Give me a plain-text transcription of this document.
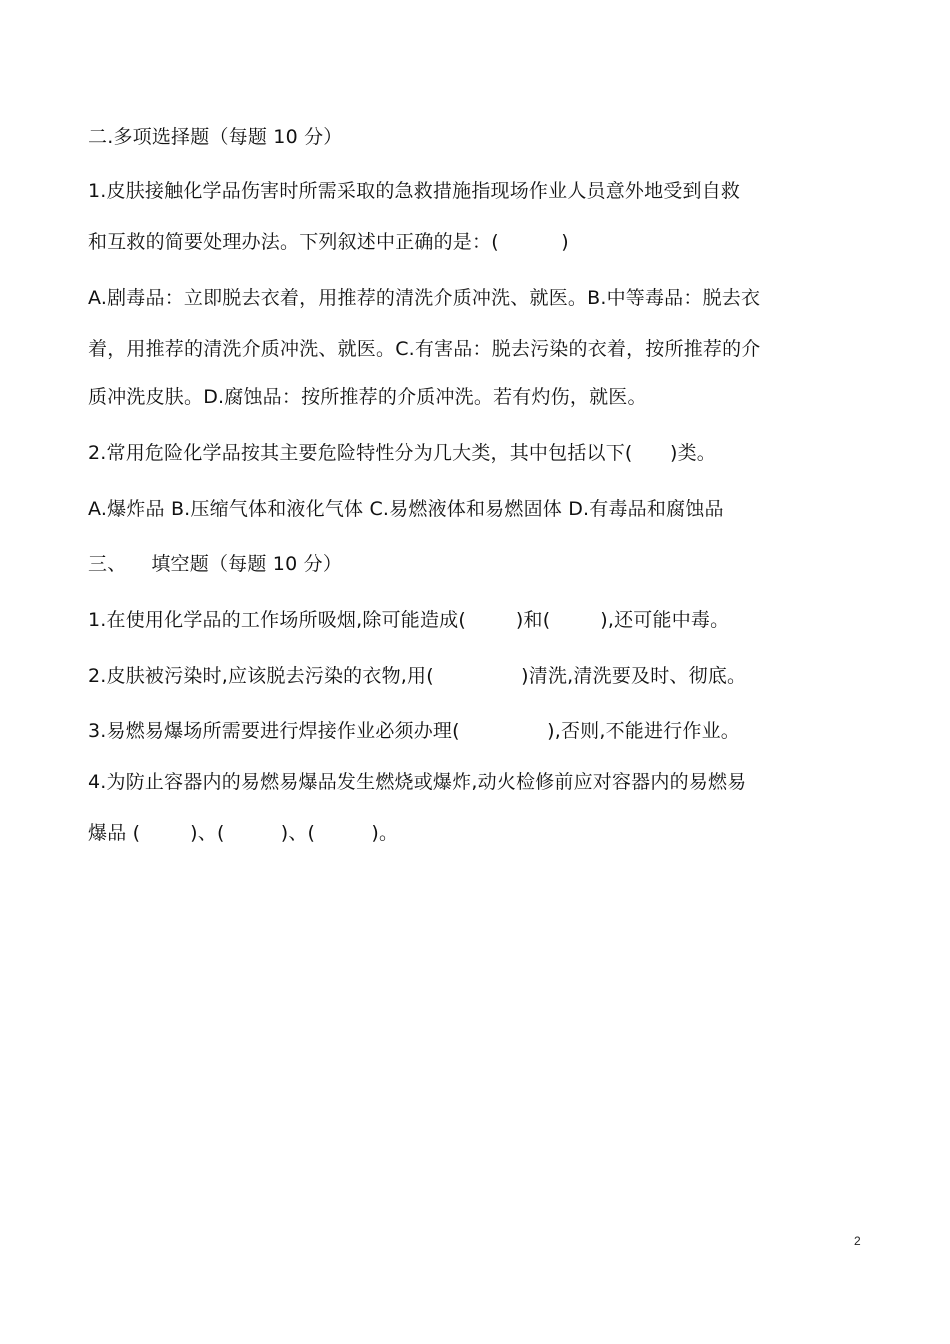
二.多项选择题（每题 10 分）
1.皮肤接触化学品伤害时所需采取的急救措施指现场作业人员意外地受到自救
和互救的简要处理办法。下列叙述中正确的是：(          )
A.剧毒品：立即脱去衣着，用推荐的清洗介质冲洗、就医。B.中等毒品：脱去衣
着，用推荐的清洗介质冲洗、就医。C.有害品：脱去污染的衣着，按所推荐的介
质冲洗皮肤。D.腐蚀品：按所推荐的介质冲洗。若有灼伤，就医。
2.常用危险化学品按其主要危险特性分为几大类，其中包括以下(      )类。
A.爆炸品 B.压缩气体和液化气体 C.易燃液体和易燃固体 D.有毒品和腐蚀品
三、    填空题（每题 10 分）
1.在使用化学品的工作场所吸烟,除可能造成(        )和(        ),还可能中毒。
2.皮肤被污染时,应该脱去污染的衣物,用(              )清洗,清洗要及时、彻底。
3.易燃易爆场所需要进行焊接作业必须办理(              ),否则,不能进行作业。
4.为防止容器内的易燃易爆品发生燃烧或爆炸,动火检修前应对容器内的易燃易
爆品 (        )、(         )、(         )。
2
